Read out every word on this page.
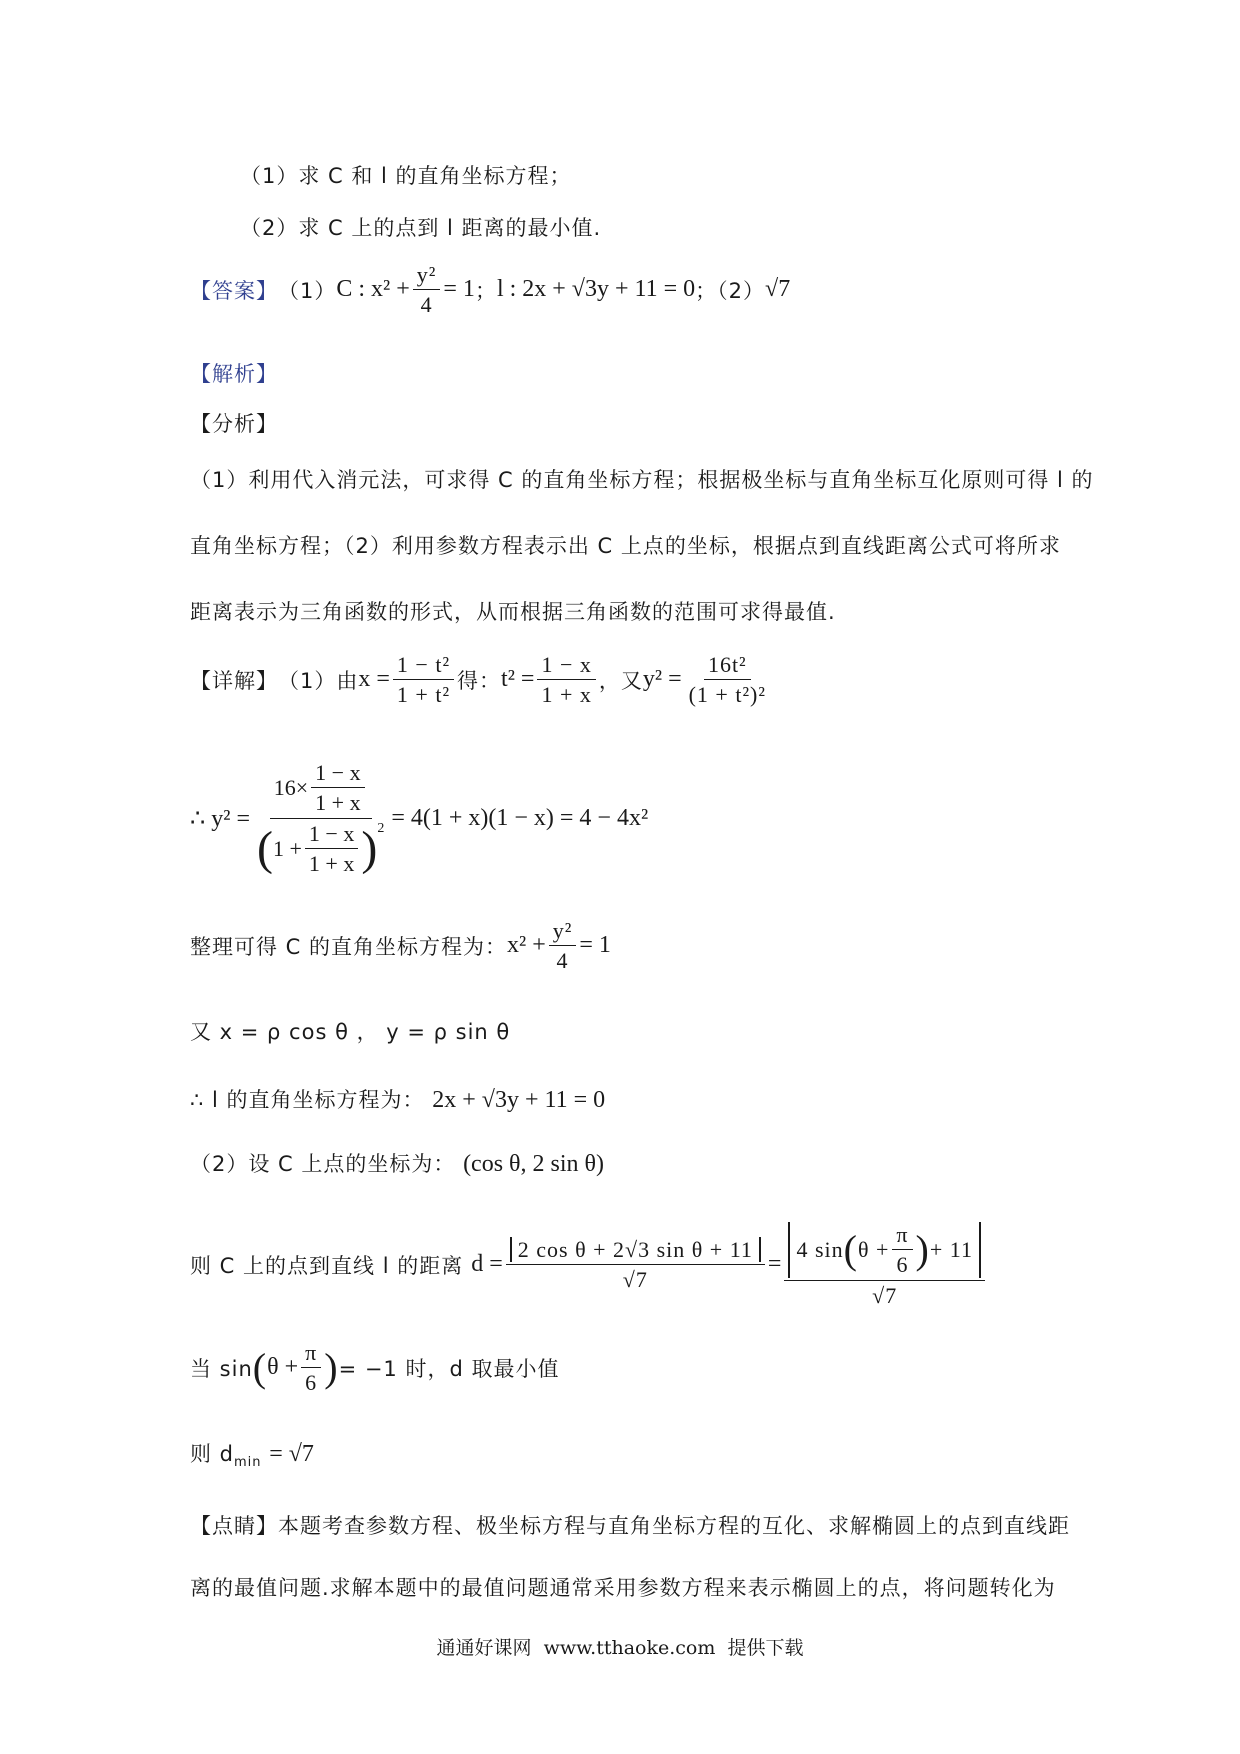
（1）求 C 和 l 的直角坐标方程；
（2）求 C 上的点到 l 距离的最小值.
【答案】 （1） C : $x^2 + \frac{\text{y²}}{4} = 1$ ； l : 2x + √3y + 11 = 0 ；（2） √7
【解析】
【分析】
（1）利用代入消元法，可求得 C 的直角坐标方程；根据极坐标与直角坐标互化原则可得 l 的
直角坐标方程；（2）利用参数方程表示出 C 上点的坐标，根据点到直线距离公式可将所求
距离表示为三角函数的形式，从而根据三角函数的范围可求得最值.
【详解】 （1）由 $x = \frac{\text{1 − t²}}{\text{1 + t²}}$ 得： $t^2 = \frac{1 - x}{1 + x}$ ，又 $y^2 = \frac{\text{16t²}}{\text{(1 + t²)²}}$
∴ y² =
$16\times \frac{1 - x}{1 + x}$
( $1 + \frac{1 - x}{1 + x}$ ) 2 = 4(1 + x)(1 − x) = 4 − 4x²
整理可得 C 的直角坐标方程为： $x^2 + \frac{\text{y²}}{4} = 1$
又 x = ρ cos θ ， y = ρ sin θ
∴ l 的直角坐标方程为： 2x + √3y + 11 = 0
（2）设 C 上点的坐标为： (cos θ, 2 sin θ)
则 C 上的点到直线 l 的距离 $d = \frac{\text{2 cos θ + 2√3 sin θ + 11}}{√7}$ =
4 sin ( $\theta + \frac{\pi}{6}$ ) + 11
√7
当 sin ( $\theta + \frac{\pi}{6}$ ) = −1 时， d 取最小值
则 $d_{min} = √7$
【点睛】本题考查参数方程、极坐标方程与直角坐标方程的互化、求解椭圆上的点到直线距
离的最值问题.求解本题中的最值问题通常采用参数方程来表示椭圆上的点，将问题转化为
通通好课网 www.tthaoke.com 提供下载
